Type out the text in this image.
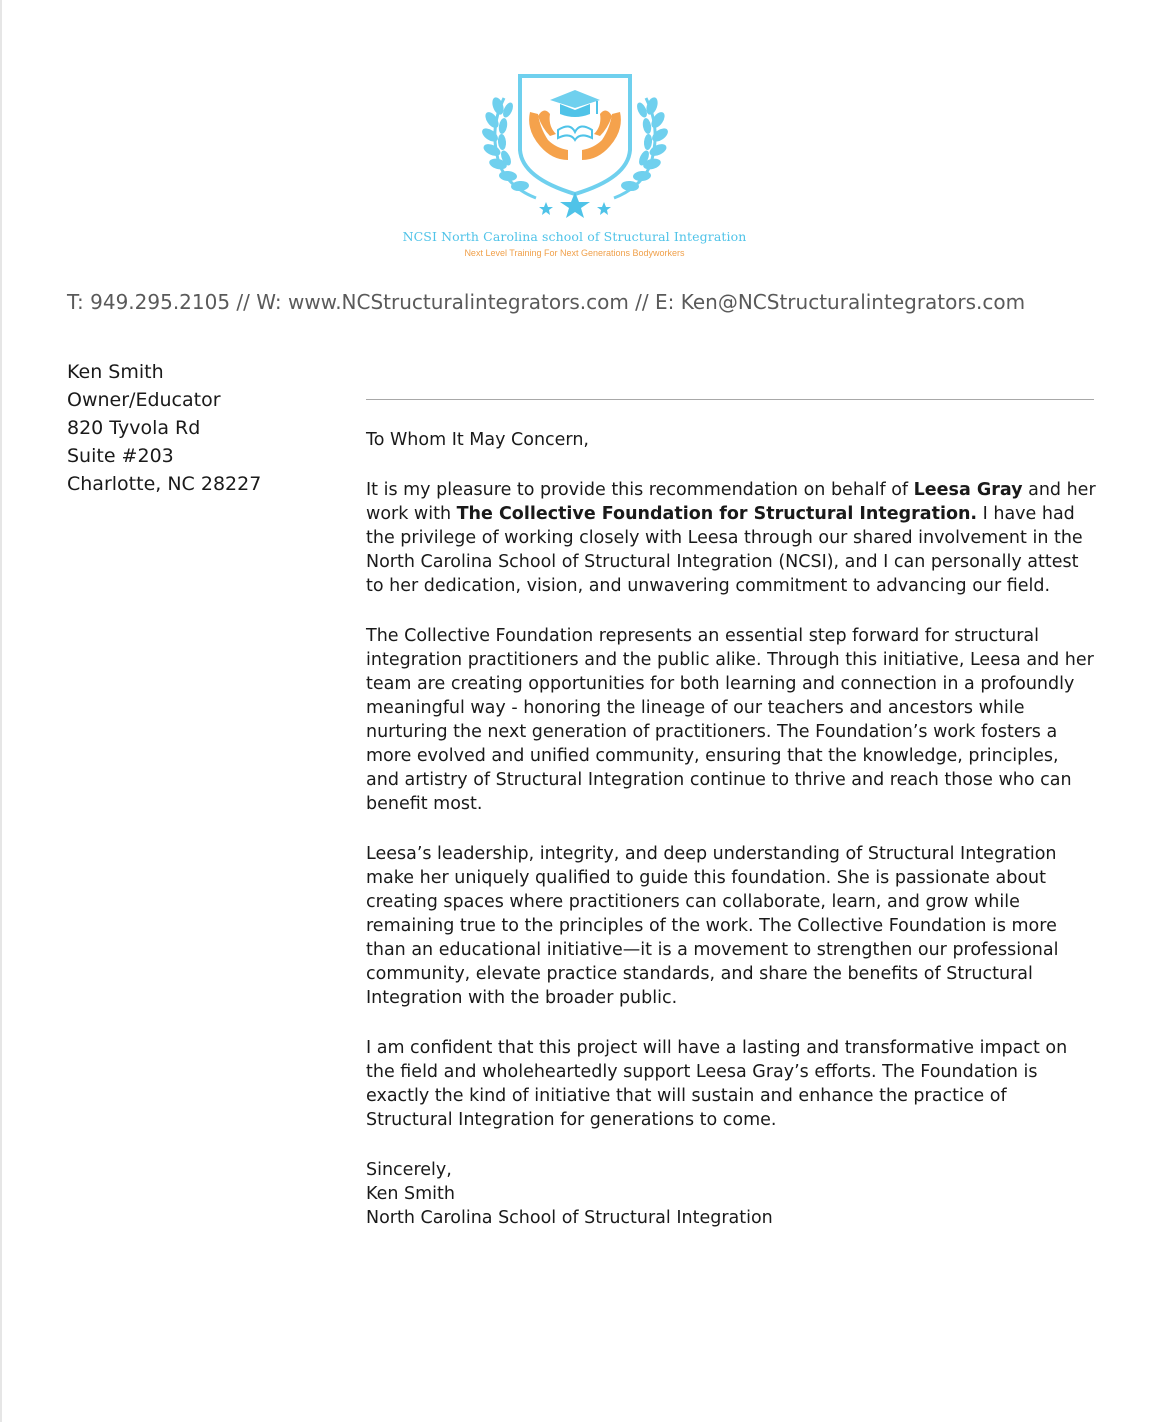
NCSI North Carolina school of Structural Integration
Next Level Training For Next Generations Bodyworkers
T: 949.295.2105 // W: www.NCStructuralintegrators.com // E: Ken@NCStructuralintegrators.com
Ken Smith
Owner/Educator
820 Tyvola Rd
Suite #203
Charlotte, NC 28227

To Whom It May Concern,

It is my pleasure to provide this recommendation on behalf of Leesa Gray and her work with The Collective Foundation for Structural Integration. I have had the privilege of working closely with Leesa through our shared involvement in the North Carolina School of Structural Integration (NCSI), and I can personally attest to her dedication, vision, and unwavering commitment to advancing our field.

The Collective Foundation represents an essential step forward for structural integration practitioners and the public alike. Through this initiative, Leesa and her team are creating opportunities for both learning and connection in a profoundly meaningful way - honoring the lineage of our teachers and ancestors while nurturing the next generation of practitioners. The Foundation’s work fosters a more evolved and unified community, ensuring that the knowledge, principles, and artistry of Structural Integration continue to thrive and reach those who can benefit most.

Leesa’s leadership, integrity, and deep understanding of Structural Integration make her uniquely qualified to guide this foundation. She is passionate about creating spaces where practitioners can collaborate, learn, and grow while remaining true to the principles of the work. The Collective Foundation is more than an educational initiative—it is a movement to strengthen our professional community, elevate practice standards, and share the benefits of Structural Integration with the broader public.

I am confident that this project will have a lasting and transformative impact on the field and wholeheartedly support Leesa Gray’s efforts. The Foundation is exactly the kind of initiative that will sustain and enhance the practice of Structural Integration for generations to come.

Sincerely,
Ken Smith
North Carolina School of Structural Integration
